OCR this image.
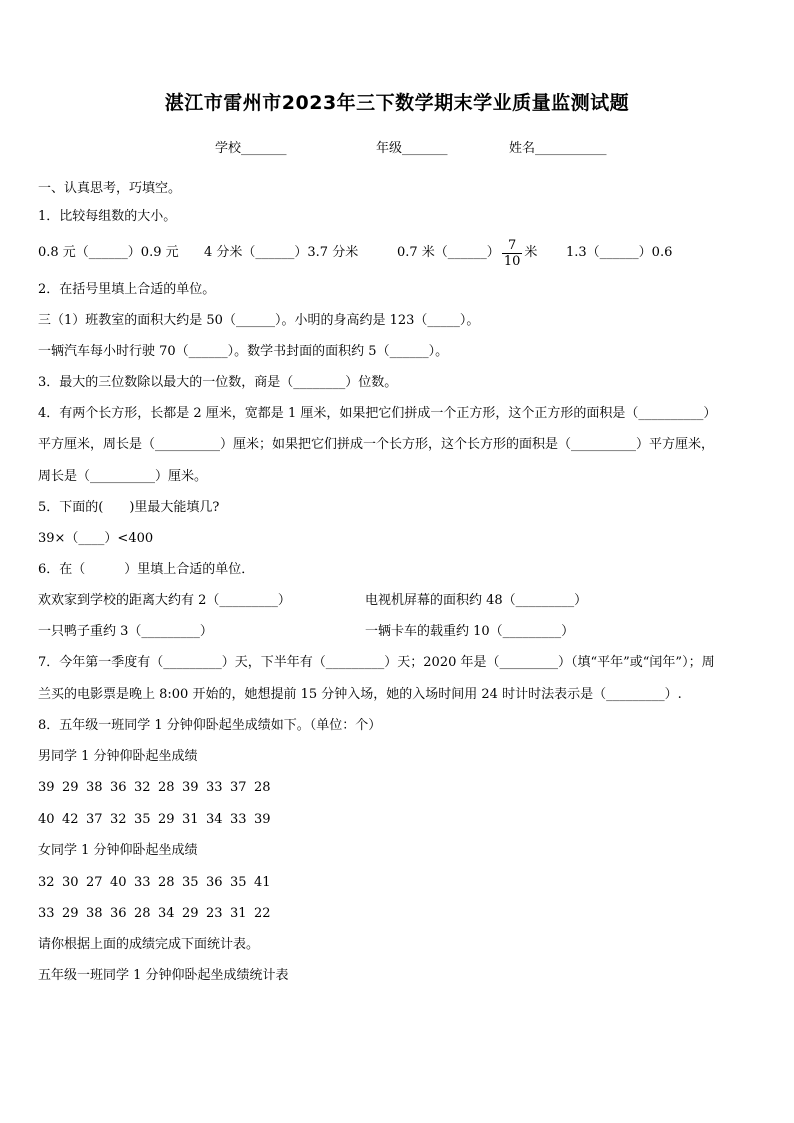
湛江市雷州市2023年三下数学期末学业质量监测试题
学校_______	年级_______	姓名___________
一、认真思考，巧填空。
1．比较每组数的大小。
0.8 元（______）0.9 元 4 分米（______）3.7 分米	0.7 米（______） $\frac{7}{10}$ 米 1.3（______）0.6
2．在括号里填上合适的单位。
三（1）班教室的面积大约是 50（______）。小明的身高约是 123（_____）。
一辆汽车每小时行驶 70（______）。数学书封面的面积约 5（______）。
3．最大的三位数除以最大的一位数，商是（________）位数。
4．有两个长方形，长都是 2 厘米，宽都是 1 厘米，如果把它们拼成一个正方形，这个正方形的面积是（__________）
平方厘米，周长是（__________）厘米；如果把它们拼成一个长方形，这个长方形的面积是（__________）平方厘米，
周长是（__________）厘米。
5．下面的(　　)里最大能填几?
39×（____）<400
6．在（　　　）里填上合适的单位．
欢欢家到学校的距离大约有 2（_________）	电视机屏幕的面积约 48（_________）
一只鸭子重约 3（_________）	一辆卡车的载重约 10（_________）
7．今年第一季度有（_________）天，下半年有（_________）天；2020 年是（_________）（填“平年”或“闰年”）；周
兰买的电影票是晚上 8:00 开始的，她想提前 15 分钟入场，她的入场时间用 24 时计时法表示是（_________）.
8．五年级一班同学 1 分钟仰卧起坐成绩如下。（单位：个）
男同学 1 分钟仰卧起坐成绩
39 29 38 36 32 28 39 33 37 28
40 42 37 32 35 29 31 34 33 39
女同学 1 分钟仰卧起坐成绩
32 30 27 40 33 28 35 36 35 41
33 29 38 36 28 34 29 23 31 22
请你根据上面的成绩完成下面统计表。
五年级一班同学 1 分钟仰卧起坐成绩统计表
